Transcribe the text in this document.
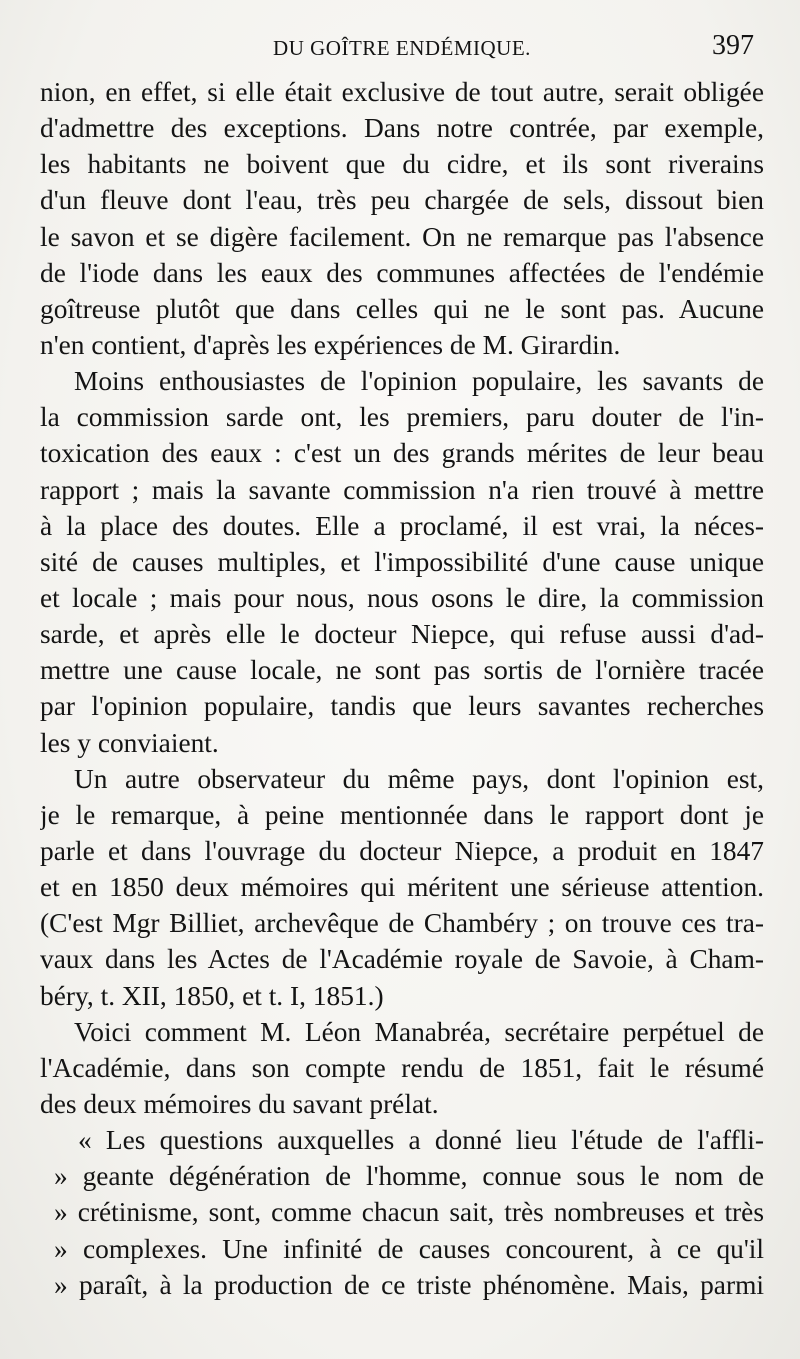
DU GOÎTRE ENDÉMIQUE.	397
nion, en effet, si elle était exclusive de tout autre, serait obligée
d'admettre des exceptions. Dans notre contrée, par exemple,
les habitants ne boivent que du cidre, et ils sont riverains
d'un fleuve dont l'eau, très peu chargée de sels, dissout bien
le savon et se digère facilement. On ne remarque pas l'absence
de l'iode dans les eaux des communes affectées de l'endémie
goîtreuse plutôt que dans celles qui ne le sont pas. Aucune
n'en contient, d'après les expériences de M. Girardin.
Moins enthousiastes de l'opinion populaire, les savants de
la commission sarde ont, les premiers, paru douter de l'in-
toxication des eaux : c'est un des grands mérites de leur beau
rapport ; mais la savante commission n'a rien trouvé à mettre
à la place des doutes. Elle a proclamé, il est vrai, la néces-
sité de causes multiples, et l'impossibilité d'une cause unique
et locale ; mais pour nous, nous osons le dire, la commission
sarde, et après elle le docteur Niepce, qui refuse aussi d'ad-
mettre une cause locale, ne sont pas sortis de l'ornière tracée
par l'opinion populaire, tandis que leurs savantes recherches
les y conviaient.
Un autre observateur du même pays, dont l'opinion est,
je le remarque, à peine mentionnée dans le rapport dont je
parle et dans l'ouvrage du docteur Niepce, a produit en 1847
et en 1850 deux mémoires qui méritent une sérieuse attention.
(C'est Mgr Billiet, archevêque de Chambéry ; on trouve ces tra-
vaux dans les Actes de l'Académie royale de Savoie, à Cham-
béry, t. XII, 1850, et t. I, 1851.)
Voici comment M. Léon Manabréa, secrétaire perpétuel de
l'Académie, dans son compte rendu de 1851, fait le résumé
des deux mémoires du savant prélat.
« Les questions auxquelles a donné lieu l'étude de l'affli-
» geante dégénération de l'homme, connue sous le nom de
» crétinisme, sont, comme chacun sait, très nombreuses et très
» complexes. Une infinité de causes concourent, à ce qu'il
» paraît, à la production de ce triste phénomène. Mais, parmi
